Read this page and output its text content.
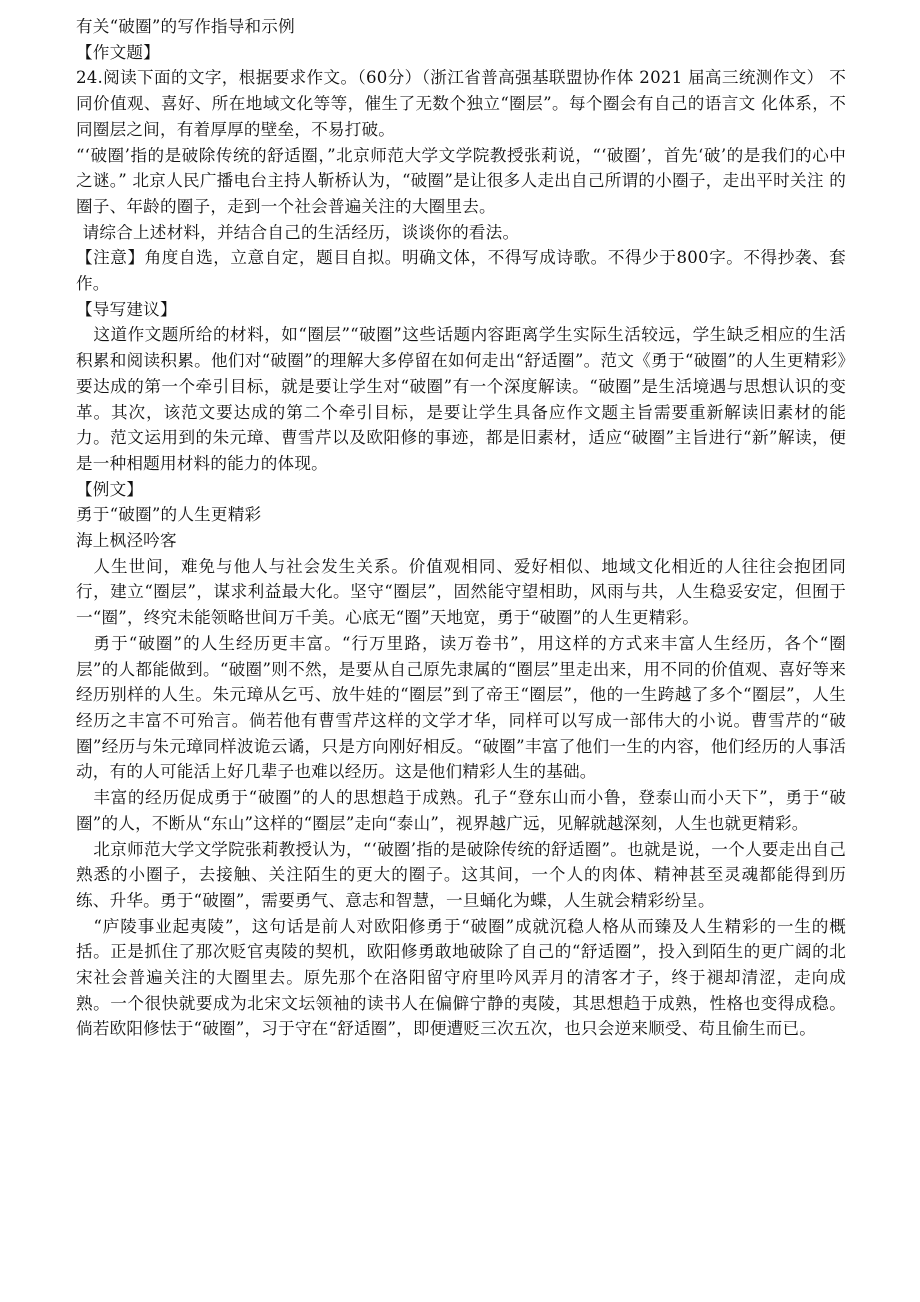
有关“破圈”的写作指导和示例

【作文题】

24.阅读下面的文字，根据要求作文。（60分）（浙江省普高强基联盟协作体 2021 届高三统测作文） 不同价值观、喜好、所在地域文化等等，催生了无数个独立“圈层”。每个圈会有自己的语言文 化体系，不同圈层之间，有着厚厚的壁垒，不易打破。

“‘破圈’指的是破除传统的舒适圈，”北京师范大学文学院教授张莉说，“‘破圈’，首先‘破’的是我们的心中之谜。” 北京人民广播电台主持人靳桥认为，“破圈”是让很多人走出自己所谓的小圈子，走出平时关注 的圈子、年龄的圈子，走到一个社会普遍关注的大圈里去。

请综合上述材料，并结合自己的生活经历，谈谈你的看法。

【注意】角度自选，立意自定，题目自拟。明确文体，不得写成诗歌。不得少于800字。不得抄袭、套作。

【导写建议】

这道作文题所给的材料，如“圈层”“破圈”这些话题内容距离学生实际生活较远，学生缺乏相应的生活积累和阅读积累。他们对“破圈”的理解大多停留在如何走出“舒适圈”。范文《勇于“破圈”的人生更精彩》要达成的第一个牵引目标，就是要让学生对“破圈”有一个深度解读。“破圈”是生活境遇与思想认识的变革。其次，该范文要达成的第二个牵引目标，是要让学生具备应作文题主旨需要重新解读旧素材的能力。范文运用到的朱元璋、曹雪芹以及欧阳修的事迹，都是旧素材，适应“破圈”主旨进行“新”解读，便是一种相题用材料的能力的体现。

【例文】

勇于“破圈”的人生更精彩

海上枫泾吟客

人生世间，难免与他人与社会发生关系。价值观相同、爱好相似、地域文化相近的人往往会抱团同行，建立“圈层”，谋求利益最大化。坚守“圈层”，固然能守望相助，风雨与共，人生稳妥安定，但囿于一“圈”，终究未能领略世间万千美。心底无“圈”天地宽，勇于“破圈”的人生更精彩。

勇于“破圈”的人生经历更丰富。“行万里路，读万卷书”，用这样的方式来丰富人生经历，各个“圈层”的人都能做到。“破圈”则不然，是要从自己原先隶属的“圈层”里走出来，用不同的价值观、喜好等来经历别样的人生。朱元璋从乞丐、放牛娃的“圈层”到了帝王“圈层”，他的一生跨越了多个“圈层”，人生经历之丰富不可殆言。倘若他有曹雪芹这样的文学才华，同样可以写成一部伟大的小说。曹雪芹的“破圈”经历与朱元璋同样波诡云谲，只是方向刚好相反。“破圈”丰富了他们一生的内容，他们经历的人事活动，有的人可能活上好几辈子也难以经历。这是他们精彩人生的基础。

丰富的经历促成勇于“破圈”的人的思想趋于成熟。孔子“登东山而小鲁，登泰山而小天下”，勇于“破圈”的人，不断从“东山”这样的“圈层”走向“泰山”，视界越广远，见解就越深刻，人生也就更精彩。

北京师范大学文学院张莉教授认为，“‘破圈’指的是破除传统的舒适圈”。也就是说，一个人要走出自己熟悉的小圈子，去接触、关注陌生的更大的圈子。这其间，一个人的肉体、精神甚至灵魂都能得到历练、升华。勇于“破圈”，需要勇气、意志和智慧，一旦蛹化为蝶，人生就会精彩纷呈。

“庐陵事业起夷陵”，这句话是前人对欧阳修勇于“破圈”成就沉稳人格从而臻及人生精彩的一生的概括。正是抓住了那次贬官夷陵的契机，欧阳修勇敢地破除了自己的“舒适圈”，投入到陌生的更广阔的北宋社会普遍关注的大圈里去。原先那个在洛阳留守府里吟风弄月的清客才子，终于褪却清涩，走向成熟。一个很快就要成为北宋文坛领袖的读书人在偏僻宁静的夷陵，其思想趋于成熟，性格也变得成稳。倘若欧阳修怯于“破圈”，习于守在“舒适圈”，即便遭贬三次五次，也只会逆来顺受、苟且偷生而已。
